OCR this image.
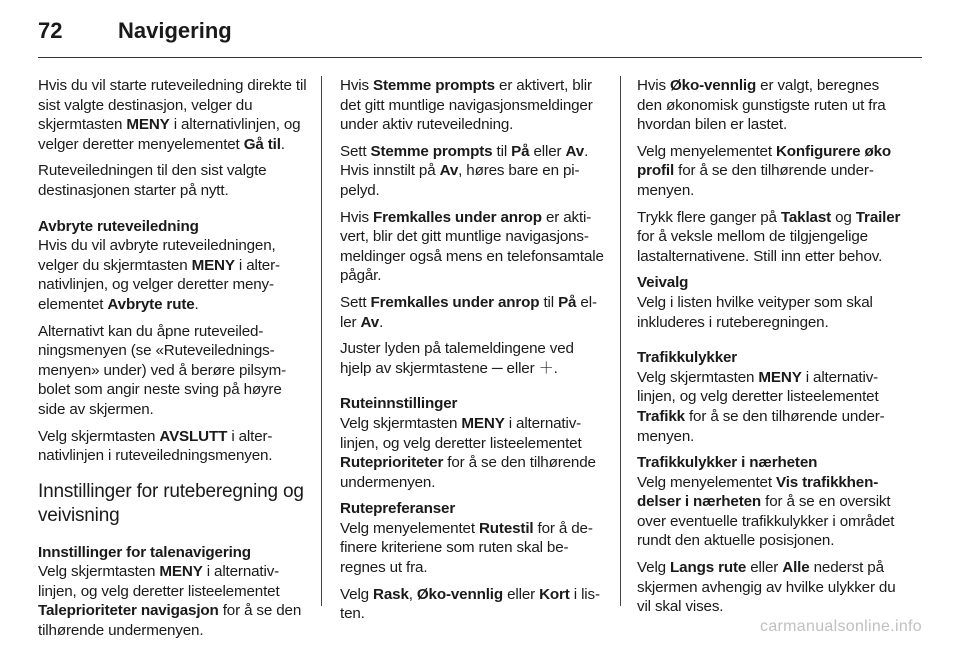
72	Navigering

Hvis du vil starte ruteveiledning direkte til sist valgte destinasjon, velger du skjermtasten MENY i alternativlinjen, og velger deretter menyelementet Gå til.

Ruteveiledningen til den sist valgte destinasjonen starter på nytt.

Avbryte ruteveiledning

Hvis du vil avbryte ruteveiledningen, velger du skjermtasten MENY i alternativlinjen, og velger deretter menyelementet Avbryte rute.

Alternativt kan du åpne ruteveiledningsmenyen (se «Ruteveiledningsmenyen» under) ved å berøre pilsymbolet som angir neste sving på høyre side av skjermen.

Velg skjermtasten AVSLUTT i alternativlinjen i ruteveiledningsmenyen.

Innstillinger for ruteberegning og veivisning
Innstillinger for talenavigering

Velg skjermtasten MENY i alternativlinjen, og velg deretter listeelementet Taleprioriteter navigasjon for å se den tilhørende undermenyen.

Hvis Stemme prompts er aktivert, blir det gitt muntlige navigasjonsmeldinger under aktiv ruteveiledning.

Sett Stemme prompts til På eller Av. Hvis innstilt på Av, høres bare en pipelyd.

Hvis Fremkalles under anrop er aktivert, blir det gitt muntlige navigasjonsmeldinger også mens en telefonsamtale pågår.

Sett Fremkalles under anrop til På eller Av.

Juster lyden på talemeldingene ved hjelp av skjermtastene ─ eller ＋.

Ruteinnstillinger

Velg skjermtasten MENY i alternativlinjen, og velg deretter listeelementet Ruteprioriteter for å se den tilhørende undermenyen.

Rutepreferanser

Velg menyelementet Rutestil for å definere kriteriene som ruten skal beregnes ut fra.

Velg Rask, Øko-vennlig eller Kort i listen.

Hvis Øko-vennlig er valgt, beregnes den økonomisk gunstigste ruten ut fra hvordan bilen er lastet.

Velg menyelementet Konfigurere øko profil for å se den tilhørende undermenyen.

Trykk flere ganger på Taklast og Trailer for å veksle mellom de tilgjengelige lastalternativene. Still inn etter behov.

Veivalg

Velg i listen hvilke veityper som skal inkluderes i ruteberegningen.

Trafikkulykker

Velg skjermtasten MENY i alternativlinjen, og velg deretter listeelementet Trafikk for å se den tilhørende undermenyen.

Trafikkulykker i nærheten

Velg menyelementet Vis trafikkhendelser i nærheten for å se en oversikt over eventuelle trafikkulykker i området rundt den aktuelle posisjonen.

Velg Langs rute eller Alle nederst på skjermen avhengig av hvilke ulykker du vil skal vises.

carmanualsonline.info
